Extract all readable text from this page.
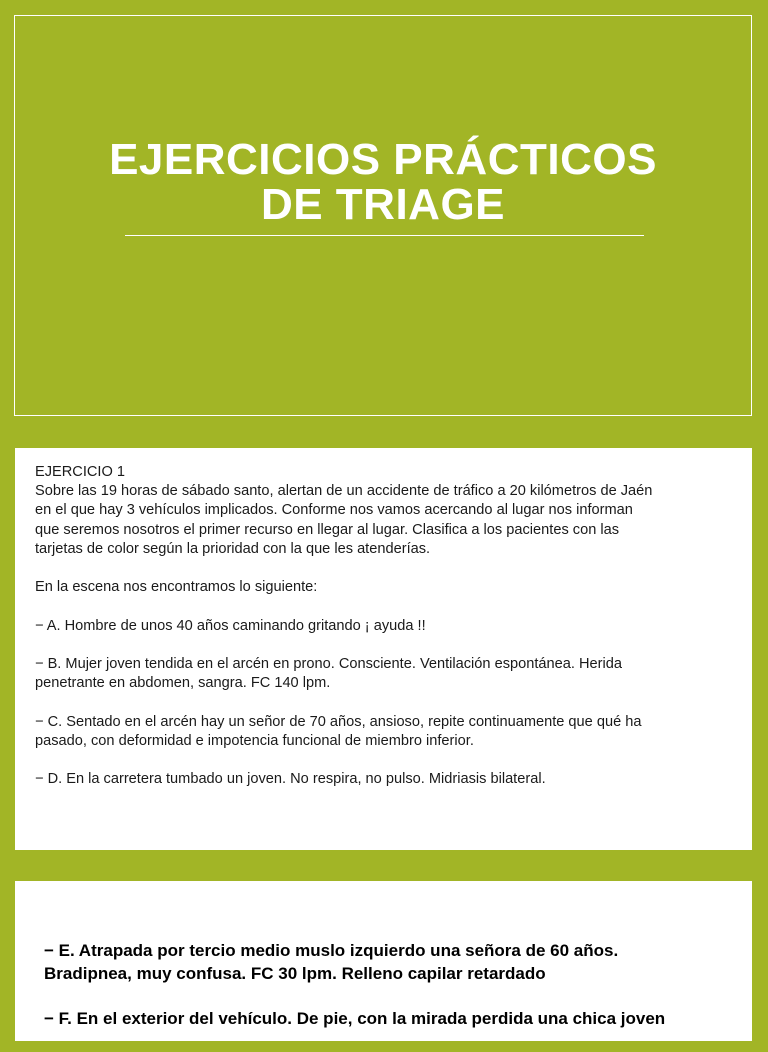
EJERCICIOS PRÁCTICOS
DE TRIAGE

EJERCICIO 1
Sobre las 19 horas de sábado santo, alertan de un accidente de tráfico a 20 kilómetros de Jaén
en el que hay 3 vehículos implicados. Conforme nos vamos acercando al lugar nos informan
que seremos nosotros el primer recurso en llegar al lugar. Clasifica a los pacientes con las
tarjetas de color según la prioridad con la que les atenderías.

En la escena nos encontramos lo siguiente:

− A. Hombre de unos 40 años caminando gritando ¡ ayuda !!

− B. Mujer joven tendida en el arcén en prono. Consciente. Ventilación espontánea. Herida
penetrante en abdomen, sangra. FC 140 lpm.

− C. Sentado en el arcén hay un señor de 70 años, ansioso, repite continuamente que qué ha
pasado, con deformidad e impotencia funcional de miembro inferior.

− D. En la carretera tumbado un joven. No respira, no pulso. Midriasis bilateral.

− E. Atrapada por tercio medio muslo izquierdo una señora de 60 años.
Bradipnea, muy confusa. FC 30 lpm. Relleno capilar retardado

− F. En el exterior del vehículo. De pie, con la mirada perdida una chica joven
